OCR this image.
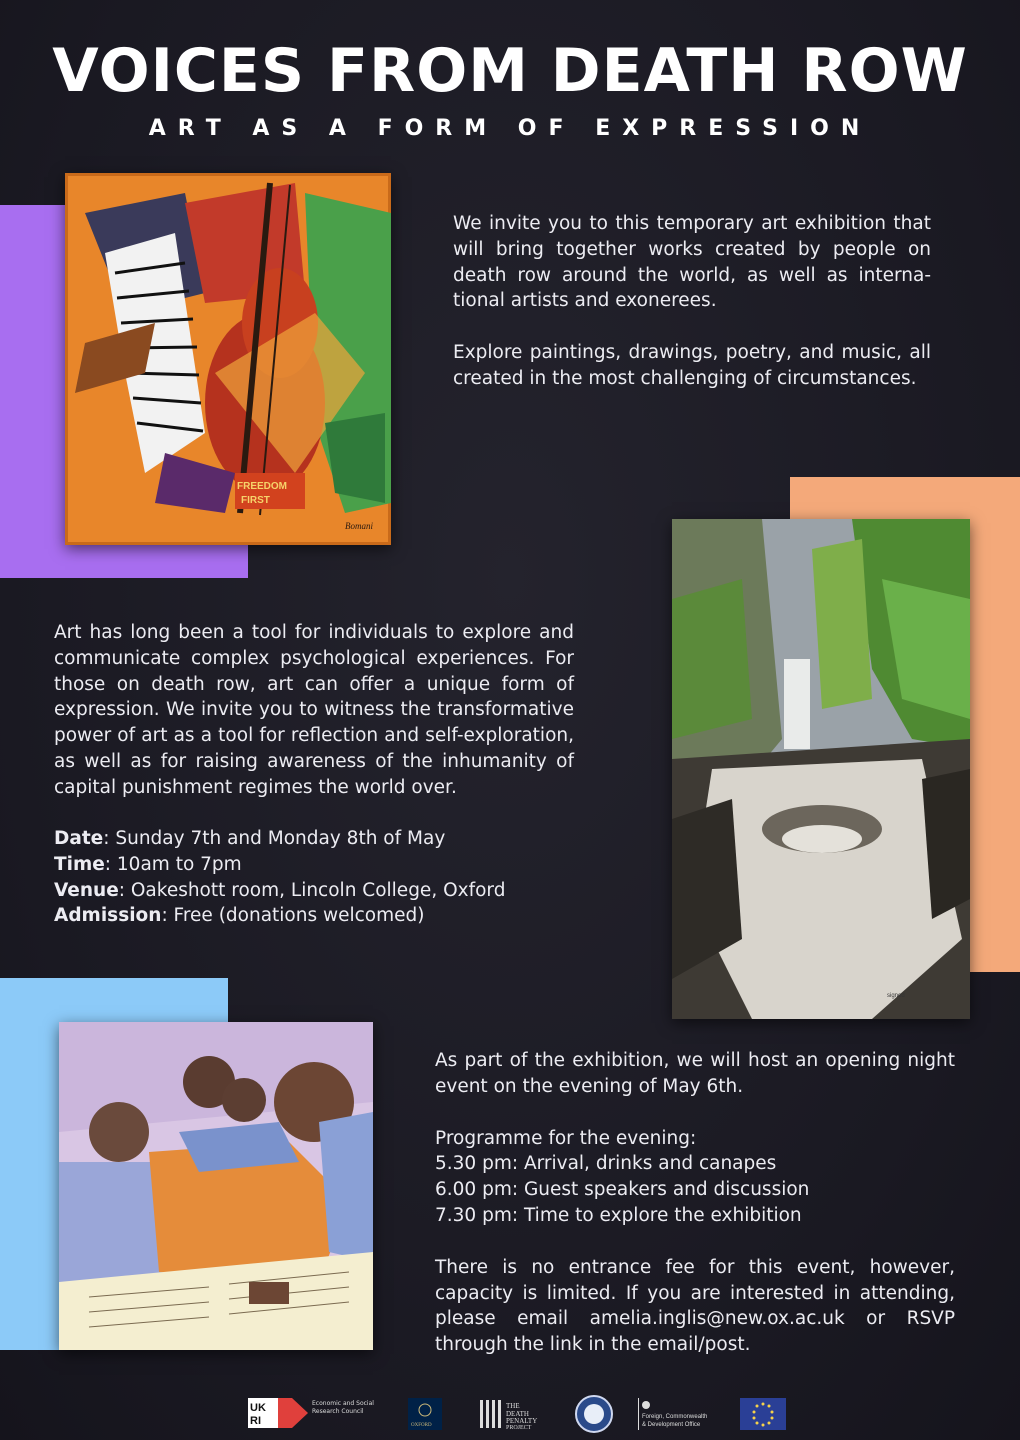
VOICES FROM DEATH ROW
ART AS A FORM OF EXPRESSION
FREEDOM
FIRST
Bomani
signed

We invite you to this temporary art exhibition that will bring together works created by people on death row around the world, as well as interna-tional artists and exonerees.

Explore paintings, drawings, poetry, and music, all created in the most challenging of circumstances.

Art has long been a tool for individuals to explore and communicate complex psychological experiences. For those on death row, art can offer a unique form of expression. We invite you to witness the transformative power of art as a tool for reflection and self-exploration, as well as for raising awareness of the inhumanity of capital punishment regimes the world over.

Date: Sunday 7th and Monday 8th of May
Time: 10am to 7pm
Venue: Oakeshott room, Lincoln College, Oxford
Admission: Free (donations welcomed)

As part of the exhibition, we will host an opening night event on the evening of May 6th.

Programme for the evening:
5.30 pm: Arrival, drinks and canapes
6.00 pm: Guest speakers and discussion
7.30 pm: Time to explore the exhibition

There is no entrance fee for this event, however, capacity is limited. If you are interested in attending, please email amelia.inglis@new.ox.ac.uk or RSVP through the link in the email/post.

UK
RI
Economic and Social Research Council
OXFORD
THE
DEATH
PENALTY
PROJECT
Foreign, Commonwealth
& Development Office
